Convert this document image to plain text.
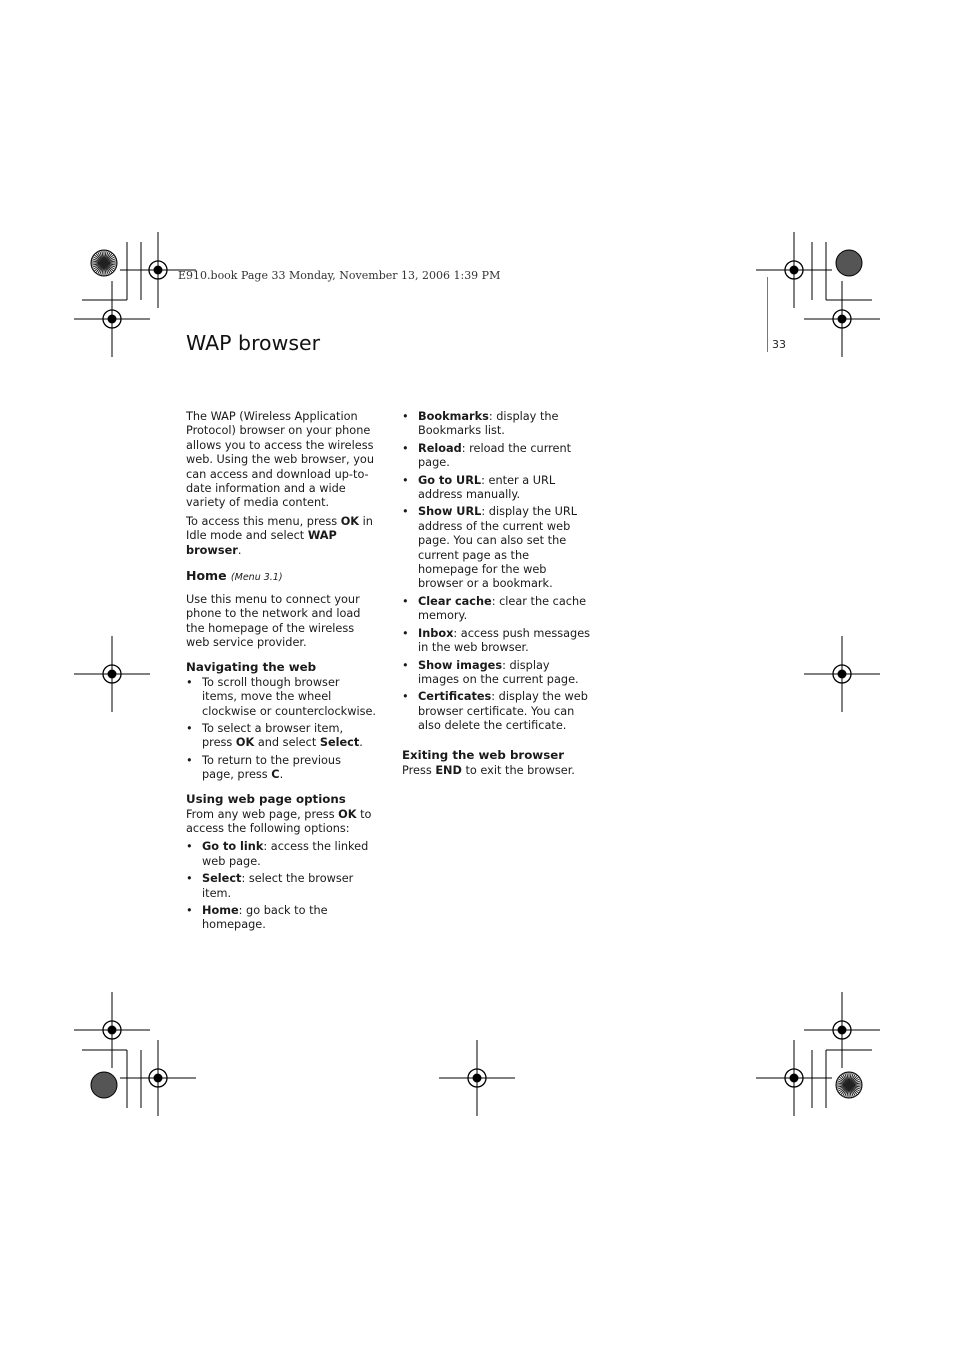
E910.book Page 33 Monday, November 13, 2006 1:39 PM
33
WAP browser

The WAP (Wireless Application Protocol) browser on your phone allows you to access the wireless web. Using the web browser, you can access and download up-to-date information and a wide variety of media content.

To access this menu, press OK in Idle mode and select WAP browser.

Home (Menu 3.1)

Use this menu to connect your phone to the network and load the homepage of the wireless web service provider.

Navigating the web
• To scroll though browser items, move the wheel clockwise or counterclockwise.
• To select a browser item, press OK and select Select.
• To return to the previous page, press C.
Using web page options

From any web page, press OK to access the following options:

• Go to link: access the linked web page.
• Select: select the browser item.
• Home: go back to the homepage.
• Bookmarks: display the Bookmarks list.
• Reload: reload the current page.
• Go to URL: enter a URL address manually.
• Show URL: display the URL address of the current web page. You can also set the current page as the homepage for the web browser or a bookmark.
• Clear cache: clear the cache memory.
• Inbox: access push messages in the web browser.
• Show images: display images on the current page.
• Certificates: display the web browser certificate. You can also delete the certificate.
Exiting the web browser

Press END to exit the browser.
